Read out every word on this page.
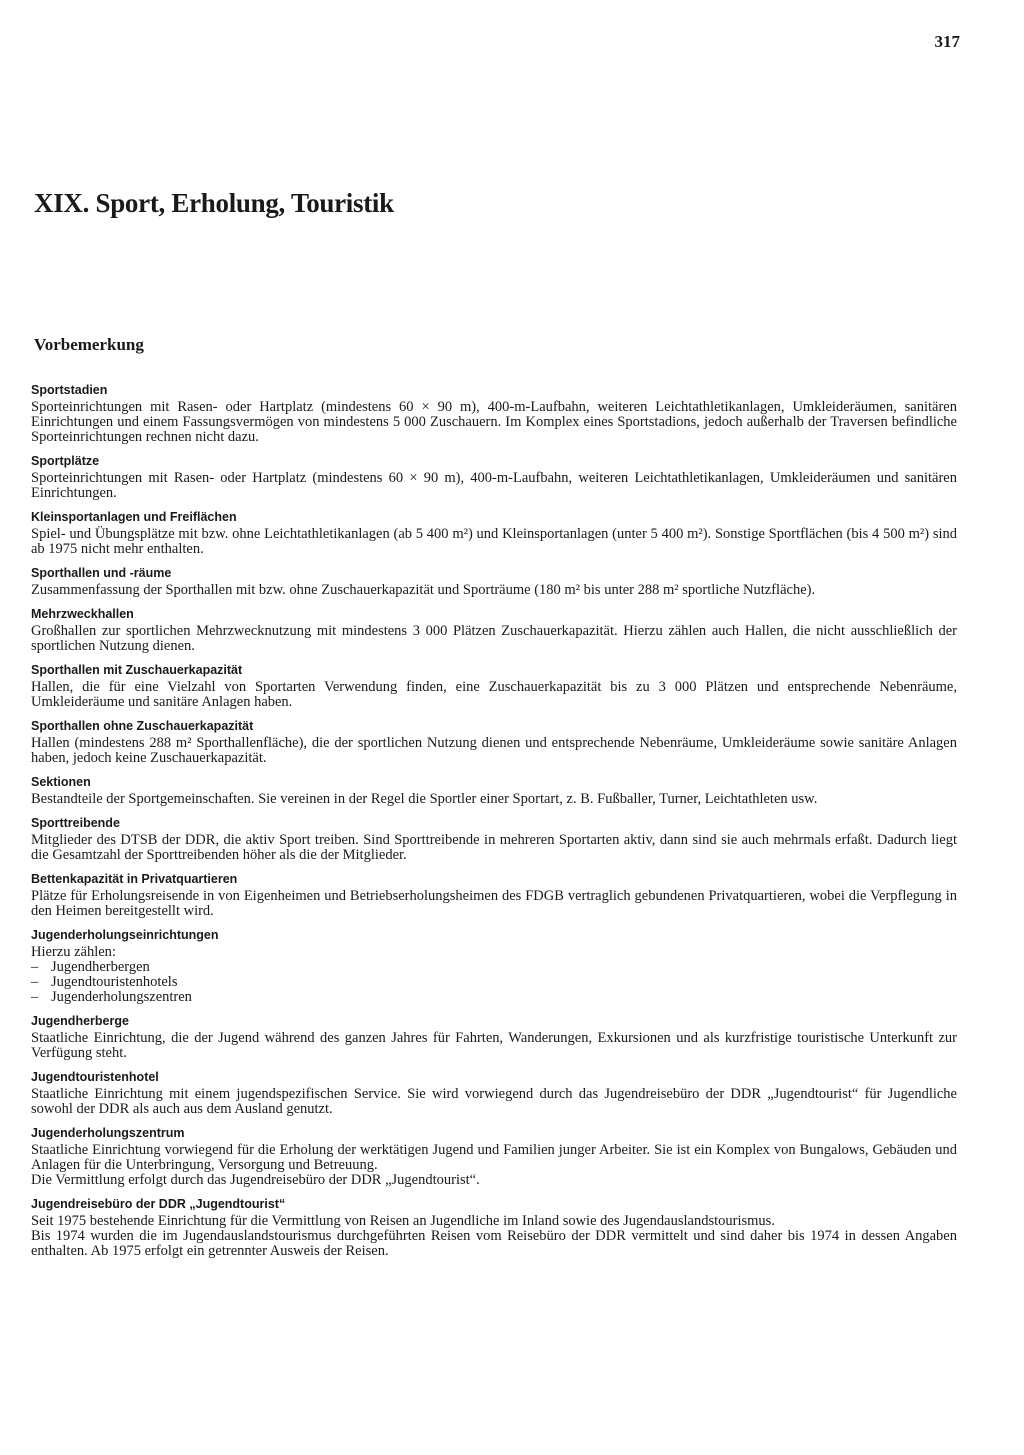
317
XIX. Sport, Erholung, Touristik
Vorbemerkung
Sportstadien

Sporteinrichtungen mit Rasen- oder Hartplatz (mindestens 60 × 90 m), 400-m-Laufbahn, weiteren Leichtathletikanlagen, Umkleideräumen, sanitären Einrichtungen und einem Fassungsvermögen von mindestens 5 000 Zuschauern. Im Komplex eines Sportstadions, jedoch außerhalb der Traversen befindliche Sporteinrichtungen rechnen nicht dazu.

Sportplätze

Sporteinrichtungen mit Rasen- oder Hartplatz (mindestens 60 × 90 m), 400-m-Laufbahn, weiteren Leichtathletikanlagen, Umkleideräumen und sanitären Einrichtungen.

Kleinsportanlagen und Freiflächen

Spiel- und Übungsplätze mit bzw. ohne Leichtathletikanlagen (ab 5 400 m²) und Kleinsportanlagen (unter 5 400 m²). Sonstige Sportflächen (bis 4 500 m²) sind ab 1975 nicht mehr enthalten.

Sporthallen und -räume

Zusammenfassung der Sporthallen mit bzw. ohne Zuschauerkapazität und Sporträume (180 m² bis unter 288 m² sportliche Nutzfläche).

Mehrzweckhallen

Großhallen zur sportlichen Mehrzwecknutzung mit mindestens 3 000 Plätzen Zuschauerkapazität. Hierzu zählen auch Hallen, die nicht ausschließlich der sportlichen Nutzung dienen.

Sporthallen mit Zuschauerkapazität

Hallen, die für eine Vielzahl von Sportarten Verwendung finden, eine Zuschauerkapazität bis zu 3 000 Plätzen und entsprechende Nebenräume, Umkleideräume und sanitäre Anlagen haben.

Sporthallen ohne Zuschauerkapazität

Hallen (mindestens 288 m² Sporthallenfläche), die der sportlichen Nutzung dienen und entsprechende Nebenräume, Umkleideräume sowie sanitäre Anlagen haben, jedoch keine Zuschauerkapazität.

Sektionen

Bestandteile der Sportgemeinschaften. Sie vereinen in der Regel die Sportler einer Sportart, z. B. Fußballer, Turner, Leichtathleten usw.

Sporttreibende

Mitglieder des DTSB der DDR, die aktiv Sport treiben. Sind Sporttreibende in mehreren Sportarten aktiv, dann sind sie auch mehrmals erfaßt. Dadurch liegt die Gesamtzahl der Sporttreibenden höher als die der Mitglieder.

Bettenkapazität in Privatquartieren

Plätze für Erholungsreisende in von Eigenheimen und Betriebserholungsheimen des FDGB vertraglich gebundenen Privatquartieren, wobei die Verpflegung in den Heimen bereitgestellt wird.

Jugenderholungseinrichtungen

Hierzu zählen:

– Jugendherbergen
– Jugendtouristenhotels
– Jugenderholungszentren
Jugendherberge

Staatliche Einrichtung, die der Jugend während des ganzen Jahres für Fahrten, Wanderungen, Exkursionen und als kurzfristige touristische Unterkunft zur Verfügung steht.

Jugendtouristenhotel

Staatliche Einrichtung mit einem jugendspezifischen Service. Sie wird vorwiegend durch das Jugendreisebüro der DDR „Jugendtourist“ für Jugendliche sowohl der DDR als auch aus dem Ausland genutzt.

Jugenderholungszentrum

Staatliche Einrichtung vorwiegend für die Erholung der werktätigen Jugend und Familien junger Arbeiter. Sie ist ein Komplex von Bungalows, Gebäuden und Anlagen für die Unterbringung, Versorgung und Betreuung.

Die Vermittlung erfolgt durch das Jugendreisebüro der DDR „Jugendtourist“.

Jugendreisebüro der DDR „Jugendtourist“

Seit 1975 bestehende Einrichtung für die Vermittlung von Reisen an Jugendliche im Inland sowie des Jugendauslandstourismus.

Bis 1974 wurden die im Jugendauslandstourismus durchgeführten Reisen vom Reisebüro der DDR vermittelt und sind daher bis 1974 in dessen Angaben enthalten. Ab 1975 erfolgt ein getrennter Ausweis der Reisen.
